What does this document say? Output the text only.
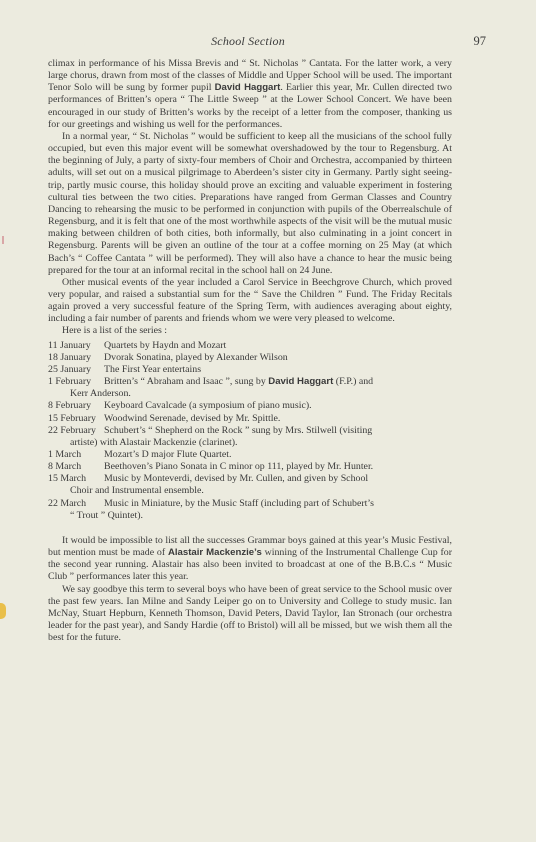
School Section	97

climax in performance of his Missa Brevis and “ St. Nicholas ” Cantata. For the latter work, a very large chorus, drawn from most of the classes of Middle and Upper School will be used. The important Tenor Solo will be sung by former pupil David Haggart. Earlier this year, Mr. Cullen directed two performances of Britten’s opera “ The Little Sweep ” at the Lower School Concert. We have been encouraged in our study of Britten’s works by the receipt of a letter from the composer, thanking us for our greetings and wishing us well for the performances.

In a normal year, “ St. Nicholas ” would be sufficient to keep all the musicians of the school fully occupied, but even this major event will be somewhat overshadowed by the tour to Regensburg. At the beginning of July, a party of sixty-four members of Choir and Orchestra, accompanied by thirteen adults, will set out on a musical pilgrimage to Aberdeen’s sister city in Germany. Partly sight seeing-trip, partly music course, this holiday should prove an exciting and valuable experiment in fostering cultural ties between the two cities. Preparations have ranged from German Classes and Country Dancing to rehearsing the music to be performed in conjunction with pupils of the Oberrealschule of Regensburg, and it is felt that one of the most worthwhile aspects of the visit will be the mutual music making between children of both cities, both informally, but also culminating in a joint concert in Regensburg. Parents will be given an outline of the tour at a coffee morning on 25 May (at which Bach’s “ Coffee Cantata ” will be performed). They will also have a chance to hear the music being prepared for the tour at an informal recital in the school hall on 24 June.

Other musical events of the year included a Carol Service in Beechgrove Church, which proved very popular, and raised a substantial sum for the “ Save the Children ” Fund. The Friday Recitals again proved a very successful feature of the Spring Term, with audiences averaging about eighty, including a fair number of parents and friends whom we were very pleased to welcome.

Here is a list of the series :

11 January	Quartets by Haydn and Mozart
18 January	Dvorak Sonatina, played by Alexander Wilson
25 January	The First Year entertains
1 February	Britten’s “ Abraham and Isaac ”, sung by David Haggart (F.P.) and
Kerr Anderson.
8 February	Keyboard Cavalcade (a symposium of piano music).
15 February Woodwind Serenade, devised by Mr. Spittle.
22 February Schubert’s “ Shepherd on the Rock ” sung by Mrs. Stilwell (visiting
artiste) with Alastair Mackenzie (clarinet).
1 March	Mozart’s D major Flute Quartet.
8 March	Beethoven’s Piano Sonata in C minor op 111, played by Mr. Hunter.
15 March	Music by Monteverdi, devised by Mr. Cullen, and given by School
Choir and Instrumental ensemble.
22 March	Music in Miniature, by the Music Staff (including part of Schubert’s
“ Trout ” Quintet).

It would be impossible to list all the successes Grammar boys gained at this year’s Music Festival, but mention must be made of Alastair Mackenzie’s winning of the Instrumental Challenge Cup for the second year running. Alastair has also been invited to broadcast at one of the B.B.C.s “ Music Club ” performances later this year.

We say goodbye this term to several boys who have been of great service to the School music over the past few years. Ian Milne and Sandy Leiper go on to University and College to study music. Ian McNay, Stuart Hepburn, Kenneth Thomson, David Peters, David Taylor, Ian Stronach (our orchestra leader for the past year), and Sandy Hardie (off to Bristol) will all be missed, but we wish them all the best for the future.
